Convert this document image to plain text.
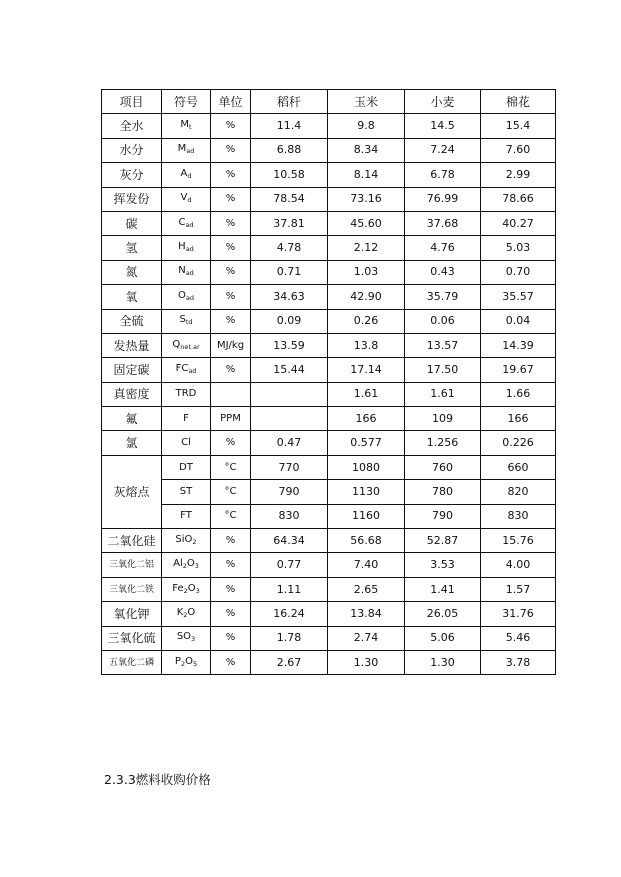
项目	符号	单位	稻秆	玉米	小麦	棉花
全水	$M_t$	%	11.4	9.8	14.5	15.4
水分	$M_{ad}$	%	6.88	8.34	7.24	7.60
灰分	$A_d$	%	10.58	8.14	6.78	2.99
挥发份	$V_d$	%	78.54	73.16	76.99	78.66
碳	$C_{ad}$	%	37.81	45.60	37.68	40.27
氢	$H_{ad}$	%	4.78	2.12	4.76	5.03
氮	$N_{ad}$	%	0.71	1.03	0.43	0.70
氧	$O_{ad}$	%	34.63	42.90	35.79	35.57
全硫	$S_{td}$	%	0.09	0.26	0.06	0.04
发热量	$Q_{net.ar}$	MJ/kg	13.59	13.8	13.57	14.39
固定碳	$FC_{ad}$	%	15.44	17.14	17.50	19.67
真密度	TRD			1.61	1.61	1.66
氟	F	PPM		166	109	166
氯	Cl	%	0.47	0.577	1.256	0.226
灰熔点	DT	°C	770	1080	760	660
	ST	°C	790	1130	780	820
	FT	°C	830	1160	790	830
二氧化硅	SiO$_2$	%	64.34	56.68	52.87	15.76
三氧化二铝	$Al_2O_3$	%	0.77	7.40	3.53	4.00
三氧化二铁	$Fe_2O_3$	%	1.11	2.65	1.41	1.57
氧化钾	$K_2O$	%	16.24	13.84	26.05	31.76
三氧化硫	$SO_3$	%	1.78	2.74	5.06	5.46
五氧化二磷	$P_2O_5$	%	2.67	1.30	1.30	3.78
2.3.3燃料收购价格
